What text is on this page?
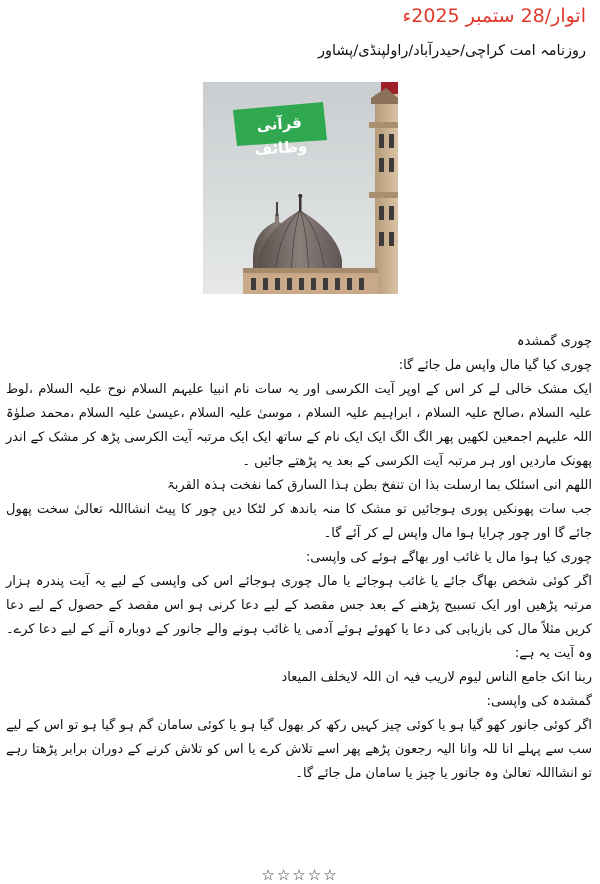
اتوار/28 ستمبر 2025ء
روزنامہ امت کراچی/حیدرآباد/راولپنڈی/پشاور
قرآنی وظائف

چوری گمشدہ

چوری کیا گیا مال واپس مل جائے گا:

ایک مشک خالی لے کر اس کے اوپر آیت الکرسی اور یہ سات نام انبیا علیہم السلام نوح علیہ السلام ،لوط علیہ السلام ،صالح علیہ السلام ، ابراہیم علیہ السلام ، موسیٰ علیہ السلام ،عیسیٰ علیہ السلام ،محمد صلوٰۃ اللہ علیہم اجمعین لکھیں پھر الگ الگ ایک ایک نام کے ساتھ ایک ایک مرتبہ آیت الکرسی پڑھ کر مشک کے اندر پھونک ماردیں اور ہر مرتبہ آیت الکرسی کے بعد یہ پڑھتے جائیں ۔

اللھم انی اسئلک بما ارسلت بذا ان تنفخ بطن ہذا السارق کما نفخت ہذہ القربۃ

جب سات پھونکیں پوری ہوجائیں تو مشک کا منہ باندھ کر لٹکا دیں چور کا پیٹ انشااللہ تعالیٰ سخت پھول جائے گا اور چور چرایا ہوا مال واپس لے کر آئے گا۔

چوری کیا ہوا مال یا غائب اور بھاگے ہوئے کی واپسی:

اگر کوئی شخص بھاگ جائے یا غائب ہوجائے یا مال چوری ہوجائے اس کی واپسی کے لیے یہ آیت پندرہ ہزار مرتبہ پڑھیں اور ایک تسبیح پڑھنے کے بعد جس مقصد کے لیے دعا کرنی ہو اس مقصد کے حصول کے لیے دعا کریں مثلاً مال کی بازیابی کی دعا یا کھوئے ہوئے آدمی یا غائب ہونے والے جانور کے دوبارہ آنے کے لیے دعا کرے۔ وہ آیت یہ ہے:

ربنا انک جامع الناس لیوم لاریب فیہ ان اللہ لایخلف المیعاد

گمشدہ کی واپسی:

اگر کوئی جانور کھو گیا ہو یا کوئی چیز کہیں رکھ کر بھول گیا ہو یا کوئی سامان گم ہو گیا ہو تو اس کے لیے سب سے پہلے انا للہ وانا الیہ رجعون پڑھے پھر اسے تلاش کرے یا اس کو تلاش کرنے کے دوران برابر پڑھتا رہے تو انشااللہ تعالیٰ وہ جانور یا چیز یا سامان مل جائے گا۔

☆☆☆☆☆
